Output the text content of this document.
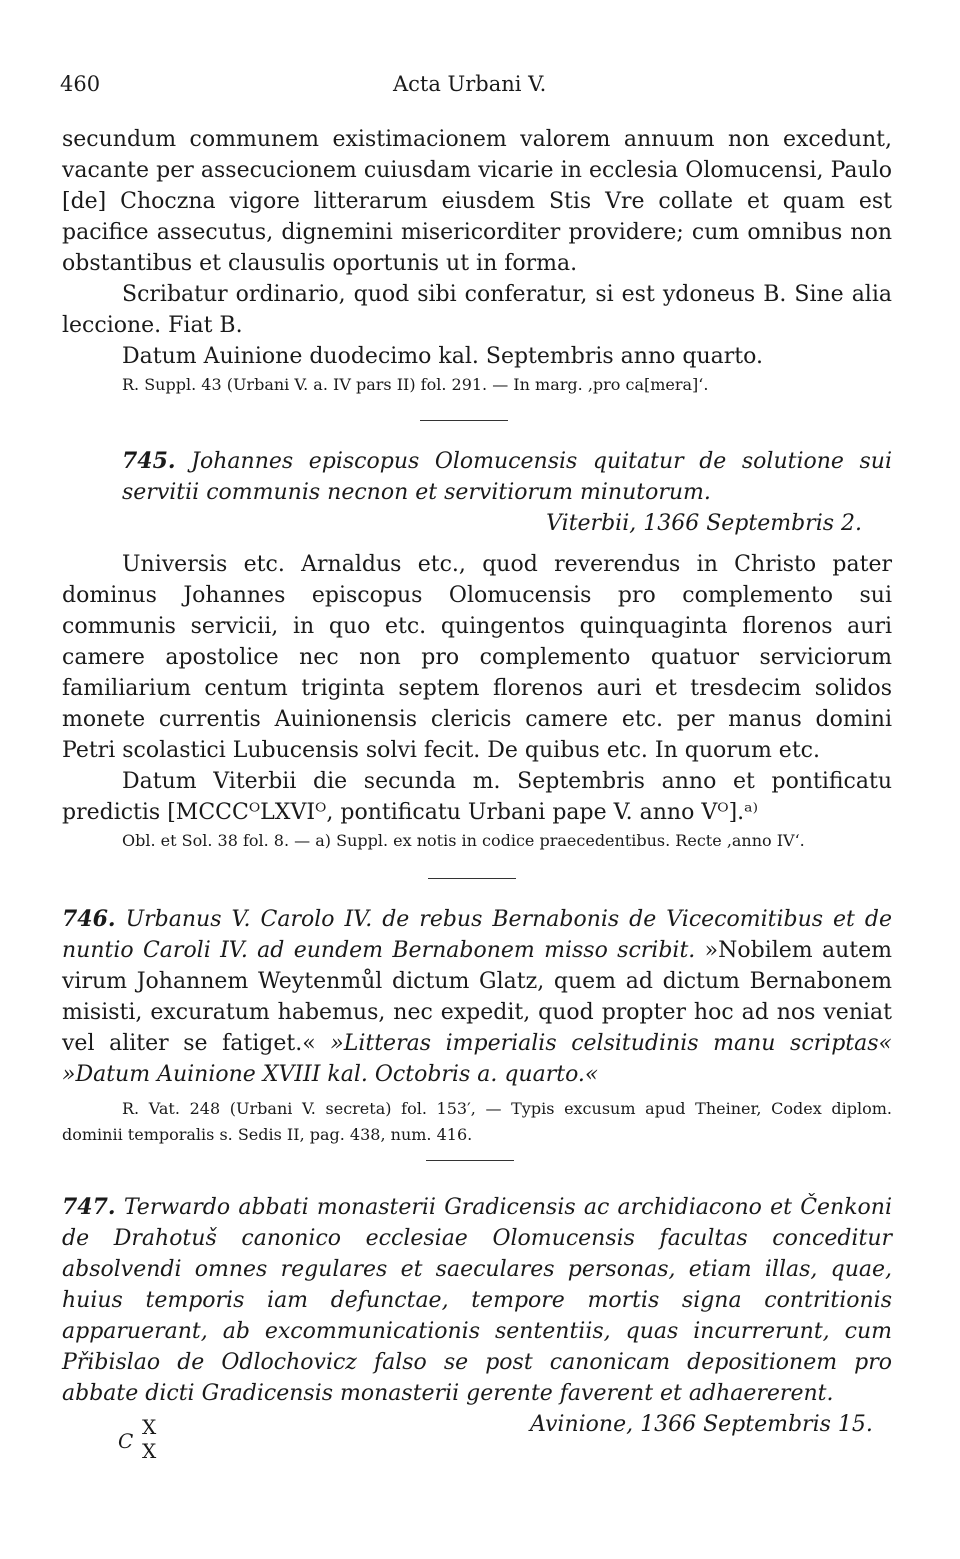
460	Acta Urbani V.

secundum communem existimacionem valorem annuum non excedunt, vacante per assecucionem cuiusdam vicarie in ecclesia Olomucensi, Paulo [de] Choczna vigore litterarum eiusdem Stis Vre collate et quam est pacifice assecutus, dignemini misericorditer providere; cum omnibus non obstantibus et clausulis oportunis ut in forma.

Scribatur ordinario, quod sibi conferatur, si est ydoneus B. Sine alia leccione. Fiat B.

Datum Auinione duodecimo kal. Septembris anno quarto.

R. Suppl. 43 (Urbani V. a. IV pars II) fol. 291. — In marg. ‚pro ca[mera]‘.

745. Johannes episcopus Olomucensis quitatur de solutione sui servitii communis necnon et servitiorum minutorum.

Viterbii, 1366 Septembris 2.

Universis etc. Arnaldus etc., quod reverendus in Christo pater dominus Johannes episcopus Olomucensis pro complemento sui communis servicii, in quo etc. quingentos quinquaginta florenos auri camere apostolice nec non pro complemento quatuor serviciorum familiarium centum triginta septem florenos auri et tresdecim solidos monete currentis Auinionensis clericis camere etc. per manus domini Petri scolastici Lubucensis solvi fecit. De quibus etc. In quorum etc.

Datum Viterbii die secunda m. Septembris anno et pontificatu predictis [MCCCᴼLXVIᴼ, pontificatu Urbani pape V. anno Vᴼ].ᵃ⁾

Obl. et Sol. 38 fol. 8. — a) Suppl. ex notis in codice praecedentibus. Recte ‚anno IV‘.

746. Urbanus V. Carolo IV. de rebus Bernabonis de Vicecomitibus et de nuntio Caroli IV. ad eundem Bernabonem misso scribit. »Nobilem autem virum Johannem Weytenmůl dictum Glatz, quem ad dictum Bernabonem misisti, excuratum habemus, nec expedit, quod propter hoc ad nos veniat vel aliter se fatiget.« »Litteras imperialis celsitudinis manu scriptas« »Datum Auinione XVIII kal. Octobris a. quarto.«

R. Vat. 248 (Urbani V. secreta) fol. 153′, — Typis excusum apud Theiner, Codex diplom. dominii temporalis s. Sedis II, pag. 438, num. 416.

747. Terwardo abbati monasterii Gradicensis ac archidiacono et Čenkoni de Drahotuš canonico ecclesiae Olomucensis facultas conceditur absolvendi omnes regulares et saeculares personas, etiam illas, quae, huius temporis iam defunctae, tempore mortis signa contritionis apparuerant, ab excommunicationis sententiis, quas incurrerunt, cum Přibislao de Odlochovicz falso se post canonicam depositionem pro abbate dicti Gradicensis monasterii gerente faverent et adhaererent.

C
X
X
Avinione, 1366 Septembris 15.
